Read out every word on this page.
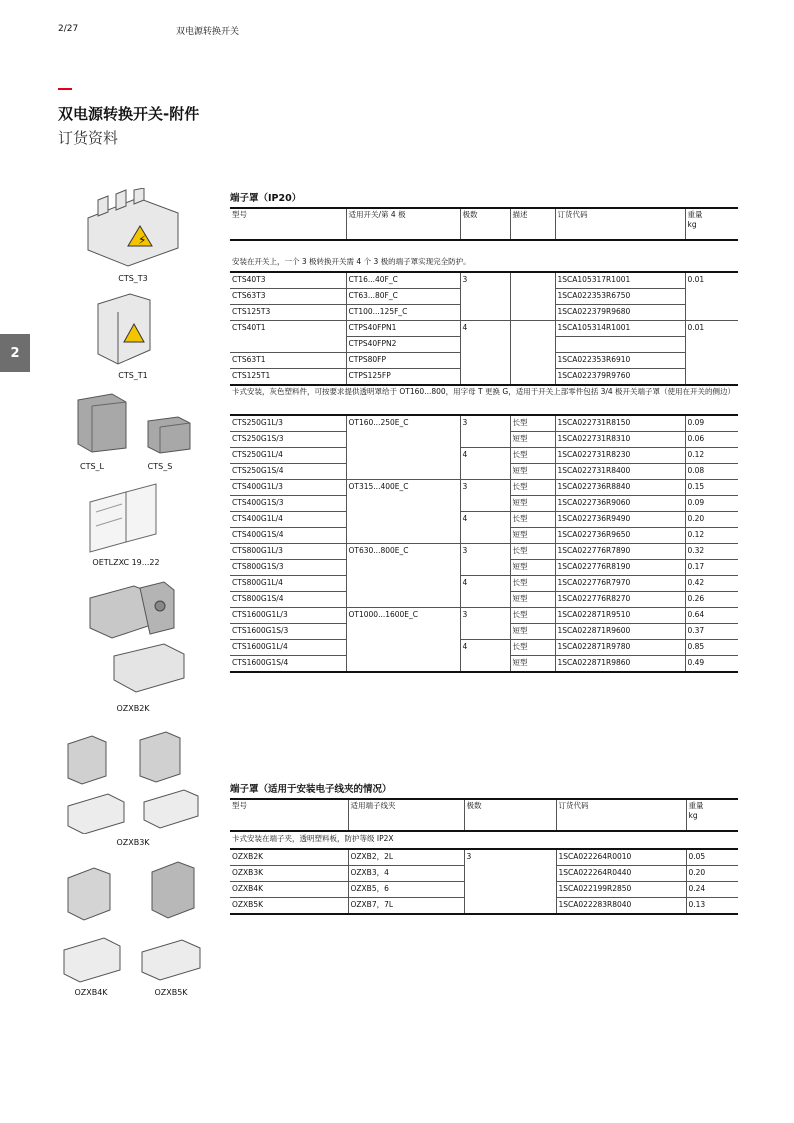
2/27	双电源转换开关
双电源转换开关-附件
订货资料
2
⚡
CTS_T3
CTS_T1
CTS_L	CTS_S
OETLZXC 19...22
OZXB2K
OZXB3K
OZXB4K	OZXB5K
端子罩（IP20）
型号	适用开关/第 4 极	极数	描述	订货代码	重量
kg

安装在开关上，一个 3 极转换开关需 4 个 3 极的端子罩实现完全防护。					
CTS40T3	CT16...40F_C	3		1SCA105317R1001	0.01
CTS63T3	CT63...80F_C			1SCA022353R6750	
CTS125T3	CT100...125F_C			1SCA022379R9680	
CTS40T1	CTPS40FPN1	4		1SCA105314R1001	0.01
	CTPS40FPN2				
CTS63T1	CTPS80FP			1SCA022353R6910	
CTS125T1	CTPS125FP			1SCA022379R9760	
卡式安装，灰色塑料件，可按要求提供透明罩给于 OT160...800，用字母 T 更换 G，适用于开关上部零件包括 3/4 极开关端子罩（使用在开关的侧边）					
CTS250G1L/3	OT160...250E_C	3	长型	1SCA022731R8150	0.09
CTS250G1S/3			短型	1SCA022731R8310	0.06
CTS250G1L/4		4	长型	1SCA022731R8230	0.12
CTS250G1S/4			短型	1SCA022731R8400	0.08
CTS400G1L/3	OT315...400E_C	3	长型	1SCA022736R8840	0.15
CTS400G1S/3			短型	1SCA022736R9060	0.09
CTS400G1L/4		4	长型	1SCA022736R9490	0.20
CTS400G1S/4			短型	1SCA022736R9650	0.12
CTS800G1L/3	OT630...800E_C	3	长型	1SCA022776R7890	0.32
CTS800G1S/3			短型	1SCA022776R8190	0.17
CTS800G1L/4		4	长型	1SCA022776R7970	0.42
CTS800G1S/4			短型	1SCA022776R8270	0.26
CTS1600G1L/3	OT1000...1600E_C	3	长型	1SCA022871R9510	0.64
CTS1600G1S/3			短型	1SCA022871R9600	0.37
CTS1600G1L/4		4	长型	1SCA022871R9780	0.85
CTS1600G1S/4			短型	1SCA022871R9860	0.49
端子罩（适用于安装电子线夹的情况）
型号	适用端子线夹	极数	订货代码	重量
kg
卡式安装在端子夹，透明塑料板，防护等级 IP2X				
OZXB2K	OZXB2，2L	3	1SCA022264R0010	0.05
OZXB3K	OZXB3，4		1SCA022264R0440	0.20
OZXB4K	OZXB5，6		1SCA022199R2850	0.24
OZXB5K	OZXB7，7L		1SCA022283R8040	0.13
